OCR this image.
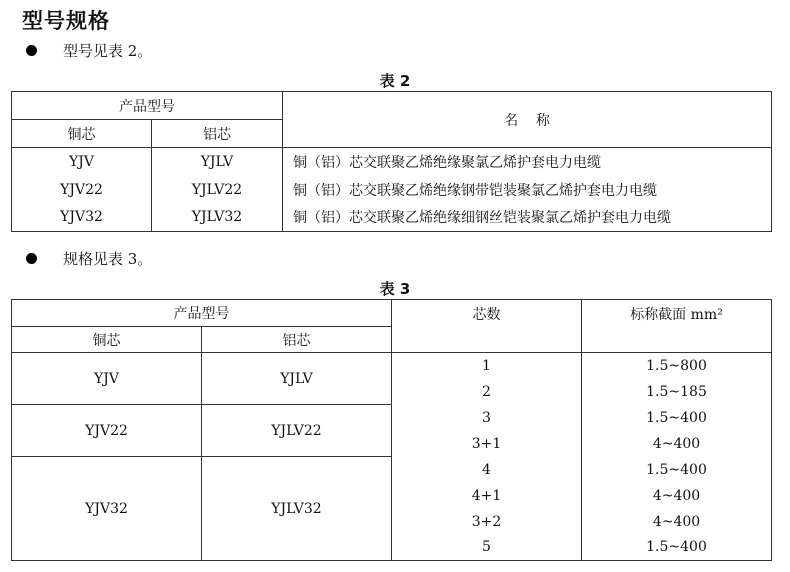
型号规格
型号见表 2。
表 2
产品型号		名    称
铜芯	铝芯	
YJV	YJLV	铜（铝）芯交联聚乙烯绝缘聚氯乙烯护套电力电缆
YJV22	YJLV22	铜（铝）芯交联聚乙烯绝缘钢带铠装聚氯乙烯护套电力电缆
YJV32	YJLV32	铜（铝）芯交联聚乙烯绝缘细钢丝铠装聚氯乙烯护套电力电缆
规格见表 3。
表 3
产品型号		芯数	标称截面 mm²
铜芯	铝芯		
YJV	YJLV	1	1.5~800
		2	1.5~185
YJV22	YJLV22	3	1.5~400
		3+1	4~400
YJV32	YJLV32	4	1.5~400
		4+1	4~400
		3+2	4~400
		5	1.5~400
